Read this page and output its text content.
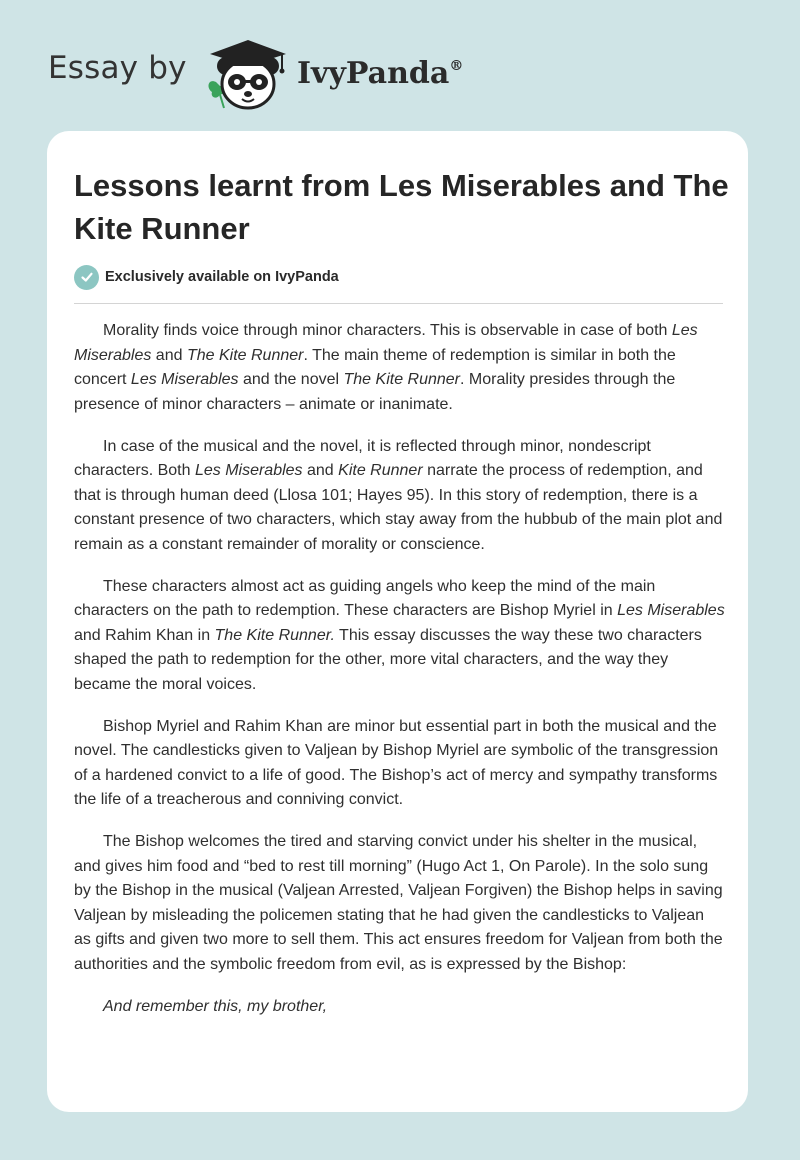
Essay by	IvyPanda®
Lessons learnt from Les Miserables and The Kite Runner
Exclusively available on IvyPanda

Morality finds voice through minor characters. This is observable in case of both Les Miserables and The Kite Runner. The main theme of redemption is similar in both the concert Les Miserables and the novel The Kite Runner. Morality presides through the presence of minor characters – animate or inanimate.

In case of the musical and the novel, it is reflected through minor, nondescript characters. Both Les Miserables and Kite Runner narrate the process of redemption, and that is through human deed (Llosa 101; Hayes 95). In this story of redemption, there is a constant presence of two characters, which stay away from the hubbub of the main plot and remain as a constant remainder of morality or conscience.

These characters almost act as guiding angels who keep the mind of the main characters on the path to redemption. These characters are Bishop Myriel in Les Miserables and Rahim Khan in The Kite Runner. This essay discusses the way these two characters shaped the path to redemption for the other, more vital characters, and the way they became the moral voices.

Bishop Myriel and Rahim Khan are minor but essential part in both the musical and the novel. The candlesticks given to Valjean by Bishop Myriel are symbolic of the transgression of a hardened convict to a life of good. The Bishop’s act of mercy and sympathy transforms the life of a treacherous and conniving convict.

The Bishop welcomes the tired and starving convict under his shelter in the musical, and gives him food and “bed to rest till morning” (Hugo Act 1, On Parole). In the solo sung by the Bishop in the musical (Valjean Arrested, Valjean Forgiven) the Bishop helps in saving Valjean by misleading the policemen stating that he had given the candlesticks to Valjean as gifts and given two more to sell them. This act ensures freedom for Valjean from both the authorities and the symbolic freedom from evil, as is expressed by the Bishop:

And remember this, my brother,
